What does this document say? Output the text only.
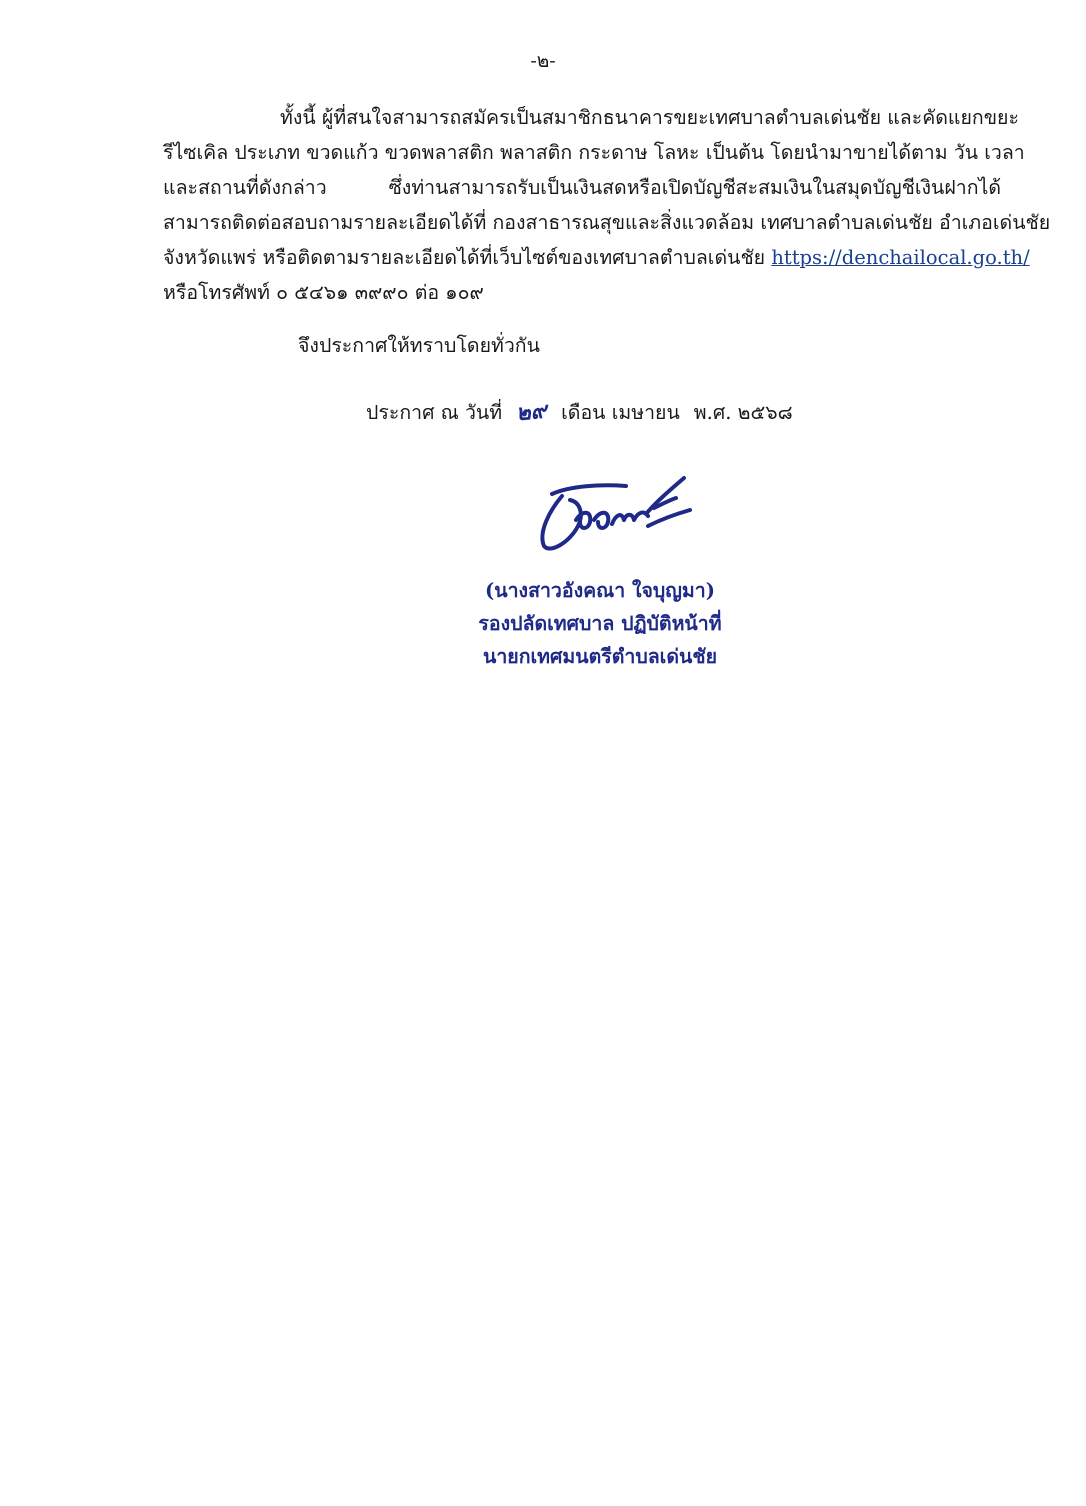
-๒-
ทั้งนี้ ผู้ที่สนใจสามารถสมัครเป็นสมาชิกธนาคารขยะเทศบาลตำบลเด่นชัย และคัดแยกขยะ
รีไซเคิล ประเภท ขวดแก้ว ขวดพลาสติก พลาสติก กระดาษ โลหะ เป็นต้น โดยนำมาขายได้ตาม วัน เวลา
และสถานที่ดังกล่าว ซึ่งท่านสามารถรับเป็นเงินสดหรือเปิดบัญชีสะสมเงินในสมุดบัญชีเงินฝากได้
สามารถติดต่อสอบถามรายละเอียดได้ที่ กองสาธารณสุขและสิ่งแวดล้อม เทศบาลตำบลเด่นชัย อำเภอเด่นชัย
จังหวัดแพร่ หรือติดตามรายละเอียดได้ที่เว็บไซต์ของเทศบาลตำบลเด่นชัย https://denchailocal.go.th/
หรือโทรศัพท์ ๐ ๕๔๖๑ ๓๙๙๐ ต่อ ๑๐๙
จึงประกาศให้ทราบโดยทั่วกัน
ประกาศ ณ วันที่ ๒๙ เดือน เมษายน พ.ศ. ๒๕๖๘
(นางสาวอังคณา ใจบุญมา)
รองปลัดเทศบาล ปฏิบัติหน้าที่
นายกเทศมนตรีตำบลเด่นชัย
